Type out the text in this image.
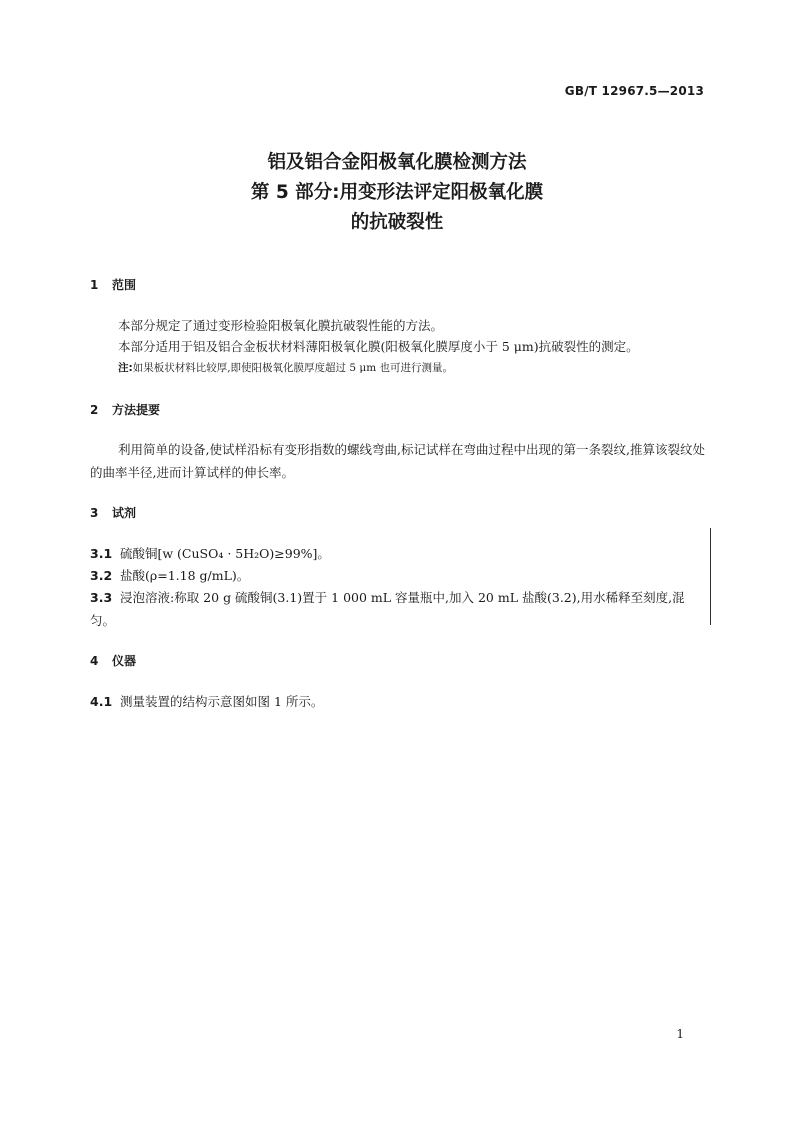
GB/T 12967.5—2013
铝及铝合金阳极氧化膜检测方法
第 5 部分:用变形法评定阳极氧化膜
的抗破裂性
1 范围

本部分规定了通过变形检验阳极氧化膜抗破裂性能的方法。

本部分适用于铝及铝合金板状材料薄阳极氧化膜(阳极氧化膜厚度小于 5 μm)抗破裂性的测定。

注:如果板状材料比较厚,即使阳极氧化膜厚度超过 5 μm 也可进行测量。
2 方法提要

利用简单的设备,使试样沿标有变形指数的螺线弯曲,标记试样在弯曲过程中出现的第一条裂纹,推算该裂纹处的曲率半径,进而计算试样的伸长率。

3 试剂

3.1 硫酸铜[w (CuSO₄ · 5H₂O)≥99%]。

3.2 盐酸(ρ=1.18 g/mL)。

3.3 浸泡溶液:称取 20 g 硫酸铜(3.1)置于 1 000 mL 容量瓶中,加入 20 mL 盐酸(3.2),用水稀释至刻度,混匀。

4 仪器

4.1 测量装置的结构示意图如图 1 所示。

1
